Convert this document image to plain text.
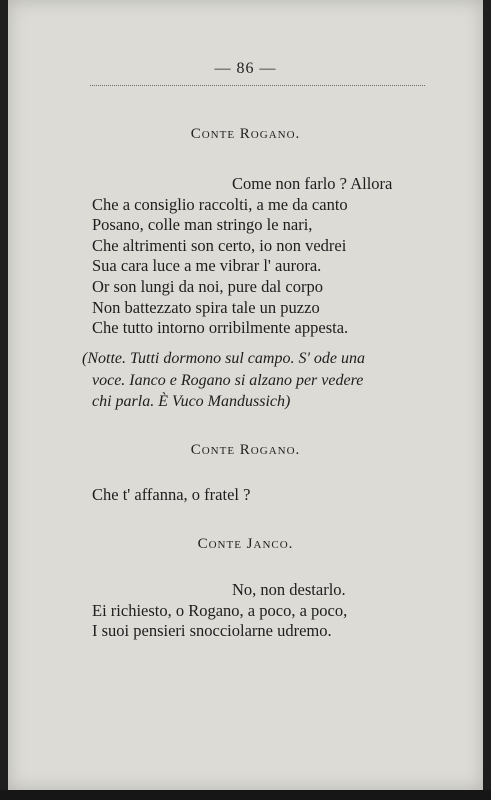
— 86 —
Conte Rogano.
Come non farlo ? Allora
Che a consiglio raccolti, a me da canto
Posano, colle man stringo le nari,
Che altrimenti son certo, io non vedrei
Sua cara luce a me vibrar l' aurora.
Or son lungi da noi, pure dal corpo
Non battezzato spira tale un puzzo
Che tutto intorno orribilmente appesta.
(Notte. Tutti dormono sul campo. S' ode una
voce. Ianco e Rogano si alzano per vedere
chi parla. È Vuco Mandussich)
Conte Rogano.
Che t' affanna, o fratel ?
Conte Janco.
No, non destarlo.
Ei richiesto, o Rogano, a poco, a poco,
I suoi pensieri snocciolarne udremo.
